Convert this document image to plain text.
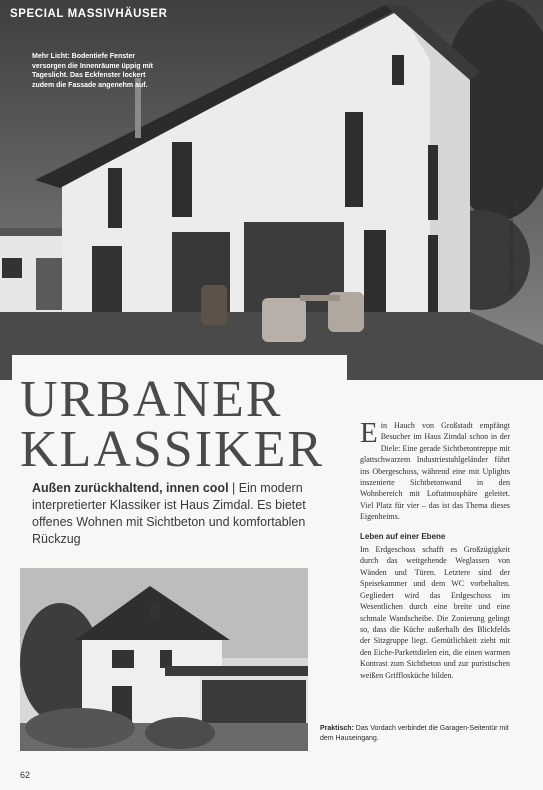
SPECIAL MASSIVHÄUSER
Mehr Licht: Bodentiefe Fenster versorgen die Innenräume üppig mit Tageslicht. Das Eckfenster lockert zudem die Fassade angenehm auf.
Fotos, Grundrisse: Baumeister-Haus
URBANER
KLASSIKER
Außen zurückhaltend, innen cool | Ein modern interpretierter Klassiker ist Haus Zimdal. Es bietet offenes Wohnen mit Sichtbeton und komfortablen Rückzug
E in Hauch von Großstadt empfängt Besucher im Haus Zimdal schon in der Diele: Eine gerade Sichtbetontreppe mit glattschwarzem Industriestahlgeländer führt ins Obergeschoss, während eine mit Uplights inszenierte Sichtbetonwand in den Wohnbereich mit Loftatmosphäre geleitet. Viel Platz für vier – das ist das Thema dieses Eigenheims.
Leben auf einer Ebene
Im Erdgeschoss schafft es Großzügigkeit durch das weitgehende Weglassen von Wänden und Türen. Letztere sind der Speisekammer und dem WC vorbehalten. Gegliedert wird das Erdgeschoss im Wesentlichen durch eine breite und eine schmale Wandscheibe. Die Zonierung gelingt so, dass die Küche außerhalb des Blickfelds der Sitzgruppe liegt. Gemütlichkeit zieht mit den Eiche-Parkettdielen ein, die einen warmen Kontrast zum Sichtbeton und zur puristischen weißen Grifflosküche bilden.
Praktisch: Das Vordach verbindet die Garagen-Seitentür mit dem Hauseingang.
62
